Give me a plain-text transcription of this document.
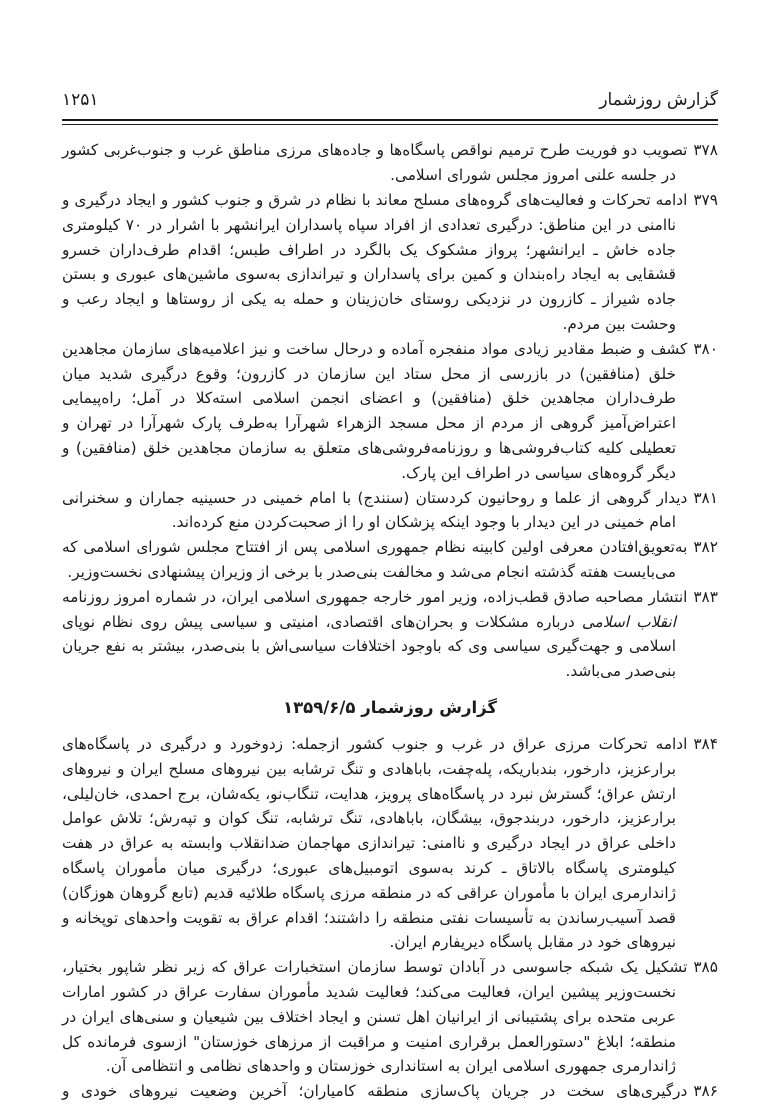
گزارش روزشمار
۱۲۵۱
۳۷۸تصویب دو فوریت طرح ترمیم نواقص پاسگاه‌ها و جاده‌های مرزی مناطق غرب و جنوب‌غربی کشور در جلسه علنی امروز مجلس شورای اسلامی.
۳۷۹ادامه تحرکات و فعالیت‌های گروه‌های مسلح معاند با نظام در شرق و جنوب کشور و ایجاد درگیری و ناامنی در این مناطق: درگیری تعدادی از افراد سپاه پاسداران ایرانشهر با اشرار در ۷۰ کیلومتری جاده خاش ـ ایرانشهر؛ پرواز مشکوک یک بالگرد در اطراف طبس؛ اقدام طرف‌داران خسرو قشقایی به ایجاد راه‌بندان و کمین برای پاسداران و تیراندازی به‌سوی ماشین‌های عبوری و بستن جاده شیراز ـ کازرون در نزدیکی روستای خان‌زینان و حمله به یکی از روستاها و ایجاد رعب و وحشت بین مردم.
۳۸۰کشف و ضبط مقادیر زیادی مواد منفجره آماده و درحال ساخت و نیز اعلامیه‌های سازمان مجاهدین خلق (منافقین) در بازرسی از محل ستاد این سازمان در کازرون؛ وقوع درگیری شدید میان طرف‌داران مجاهدین خلق (منافقین) و اعضای انجمن اسلامی استه‌کلا در آمل؛ راه‌پیمایی اعتراض‌آمیز گروهی از مردم از محل مسجد الزهراء شهرآرا به‌طرف پارک شهرآرا در تهران و تعطیلی کلیه کتاب‌فروشی‌ها و روزنامه‌فروشی‌های متعلق به سازمان مجاهدین خلق (منافقین) و دیگر گروه‌های سیاسی در اطراف این پارک.
۳۸۱دیدار گروهی از علما و روحانیون کردستان (سنندج) با امام خمینی در حسینیه جماران و سخنرانی امام خمینی در این دیدار با وجود اینکه پزشکان او را از صحبت‌کردن منع کرده‌اند.
۳۸۲به‌تعویق‌افتادن معرفی اولین کابینه نظام جمهوری اسلامی پس از افتتاح مجلس شورای اسلامی که می‌بایست هفته گذشته انجام می‌شد و مخالفت بنی‌صدر با برخی از وزیران پیشنهادی نخست‌وزیر.
۳۸۳انتشار مصاحبه صادق قطب‌زاده، وزیر امور خارجه جمهوری اسلامی ایران، در شماره امروز روزنامه انقلاب اسلامی درباره مشکلات و بحران‌های اقتصادی، امنیتی و سیاسی پیش روی نظام نوپای اسلامی و جهت‌گیری سیاسی وی که باوجود اختلافات سیاسی‌اش با بنی‌صدر، بیشتر به نفع جریان بنی‌صدر می‌باشد.
گزارش روزشمار ۱۳۵۹/۶/۵
۳۸۴ادامه تحرکات مرزی عراق در غرب و جنوب کشور ازجمله: زدوخورد و درگیری در پاسگاه‌های برارعزیز، دارخور، بندباریکه، پله‌چفت، باباهادی و تنگ ترشابه بین نیروهای مسلح ایران و نیروهای ارتش عراق؛ گسترش نبرد در پاسگاه‌های پرویز، هدایت، تنگاب‌نو، یکه‌شان، برج احمدی، خان‌لیلی، برارعزیز، دارخور، دربندجوق، بیشگان، باباهادی، تنگ ترشابه، تنگ کوان و تپه‌رش؛ تلاش عوامل داخلی عراق در ایجاد درگیری و ناامنی: تیراندازی مهاجمان ضدانقلاب وابسته به عراق در هفت کیلومتری پاسگاه بالاتاق ـ کرند به‌سوی اتومبیل‌های عبوری؛ درگیری میان مأموران پاسگاه ژاندارمری ایران با مأموران عراقی که در منطقه مرزی پاسگاه طلائیه قدیم (تابع گروهان هوزگان) قصد آسیب‌رساندن به تأسیسات نفتی منطقه را داشتند؛ اقدام عراق به تقویت واحدهای توپخانه و نیروهای خود در مقابل پاسگاه دیریفارم ایران.
۳۸۵تشکیل یک شبکه جاسوسی در آبادان توسط سازمان استخبارات عراق که زیر نظر شاپور بختیار، نخست‌وزیر پیشین ایران، فعالیت می‌کند؛ فعالیت شدید مأموران سفارت عراق در کشور امارات عربی متحده برای پشتیبانی از ایرانیان اهل تسنن و ایجاد اختلاف بین شیعیان و سنی‌های ایران در منطقه؛ ابلاغ "دستورالعمل برقراری امنیت و مراقبت از مرزهای خوزستان" ازسوی فرمانده کل ژاندارمری جمهوری اسلامی ایران به استانداری خوزستان و واحدهای نظامی و انتظامی آن.
۳۸۶درگیری‌های سخت در جریان پاک‌سازی منطقه کامیاران؛ آخرین وضعیت نیروهای خودی و
